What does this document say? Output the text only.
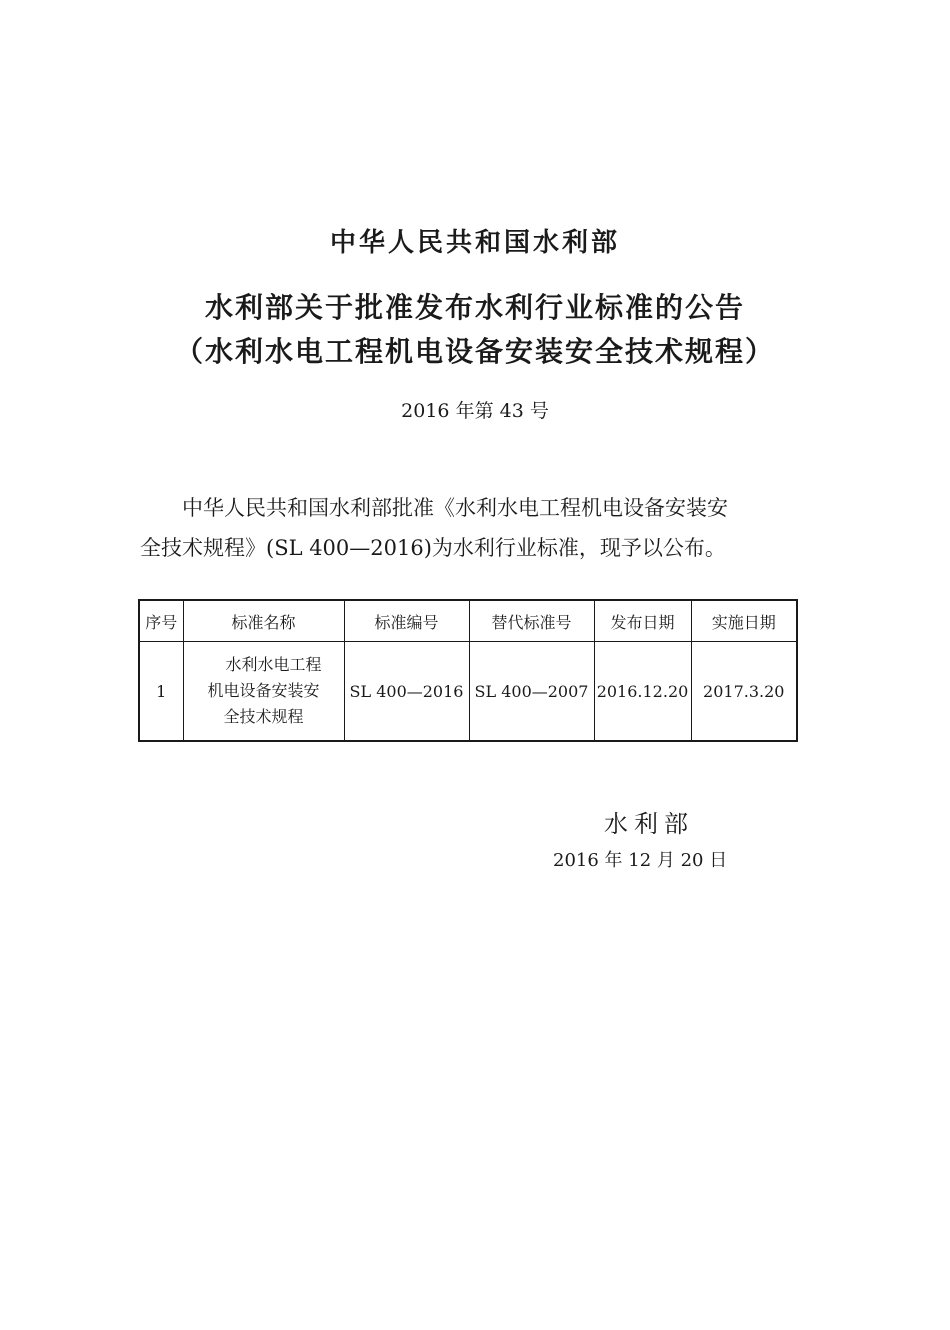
中华人民共和国水利部
水利部关于批准发布水利行业标准的公告
（水利水电工程机电设备安装安全技术规程）
2016 年第 43 号
中华人民共和国水利部批准《水利水电工程机电设备安装安
全技术规程》(SL 400—2016)为水利行业标准，现予以公布。
序号	标准名称	标准编号	替代标准号	发布日期	实施日期
1	水利水电工程
机电设备安装安
全技术规程	SL 400—2016	SL 400—2007	2016.12.20	2017.3.20
水利部
2016 年 12 月 20 日
